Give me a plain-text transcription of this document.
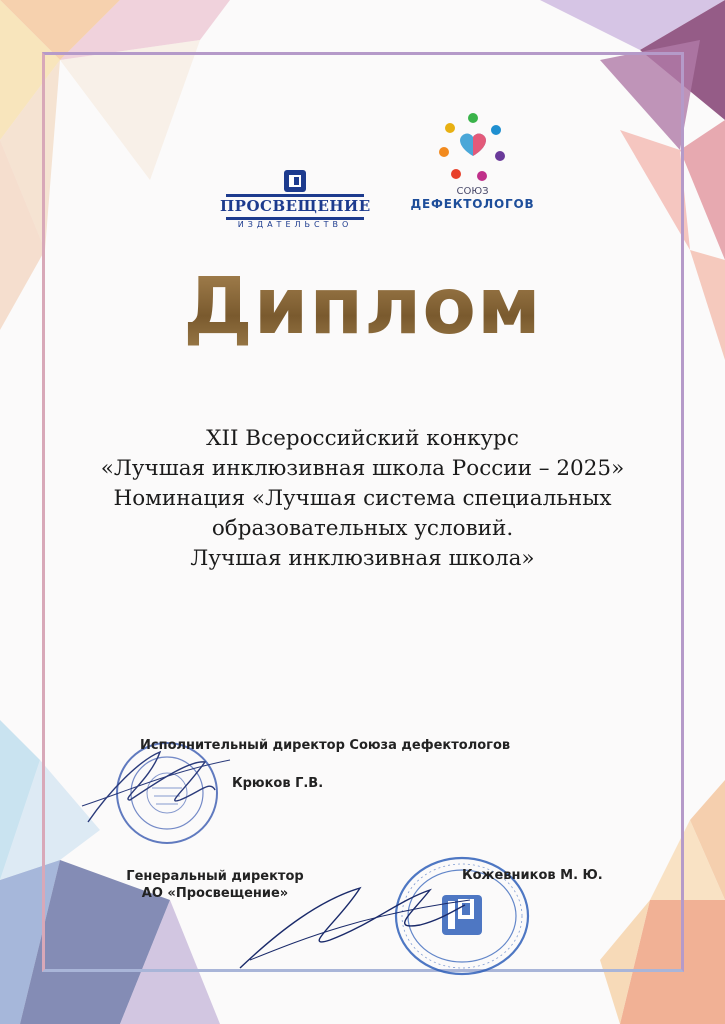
ПРОСВЕЩЕНИЕ
ИЗДАТЕЛЬСТВО
СОЮЗ
ДЕФЕКТОЛОГОВ
Диплом
XII Всероссийский конкурс
«Лучшая инклюзивная школа России – 2025»
Номинация «Лучшая система специальных
образовательных условий.
Лучшая инклюзивная школа»
Исполнительный директор Союза дефектологов
Крюков Г.В.
Генеральный директор
АО «Просвещение»
Кожевников М. Ю.
